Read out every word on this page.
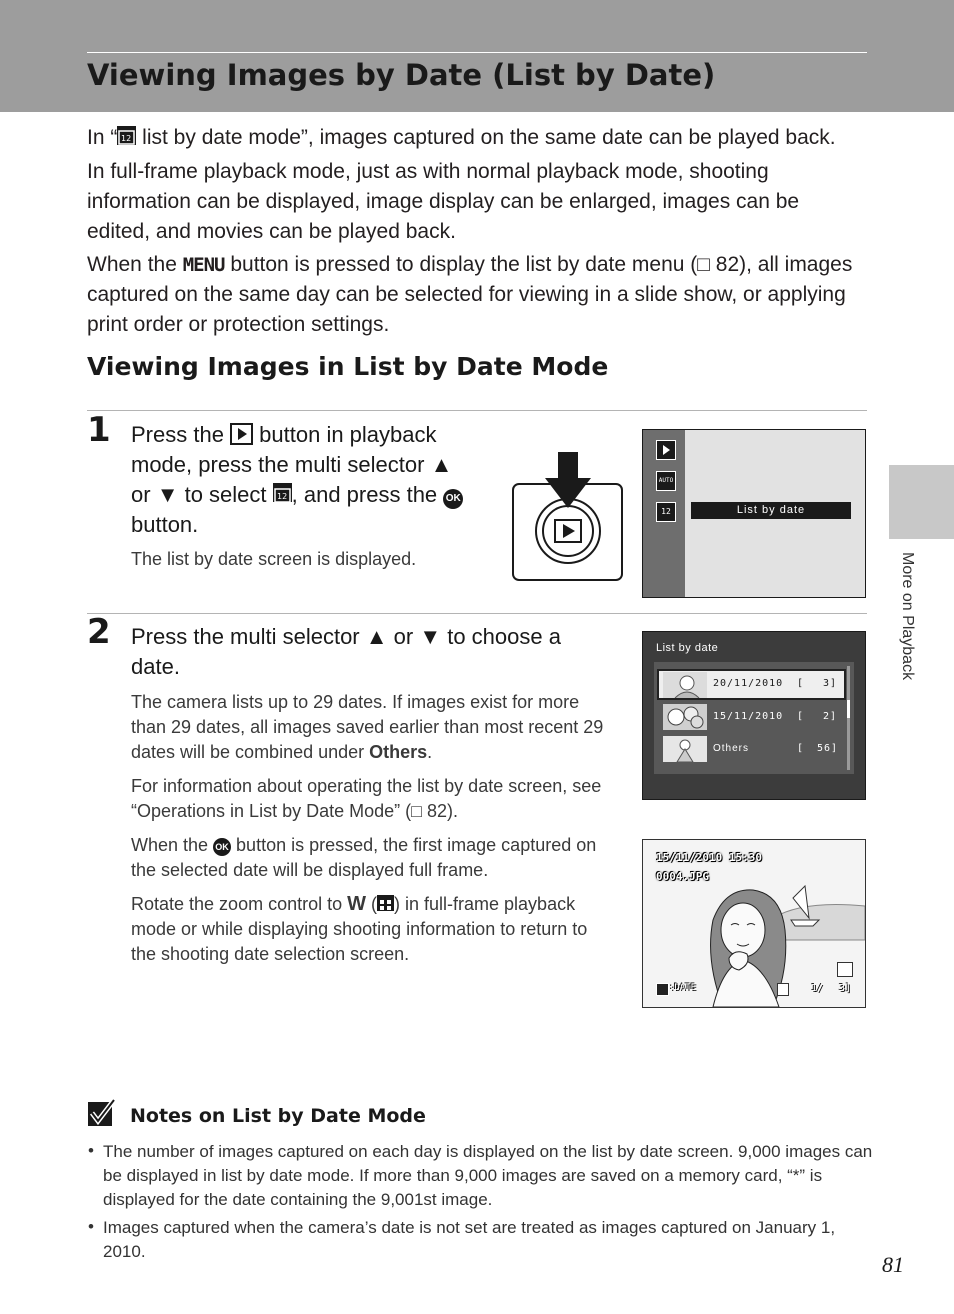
Viewing Images by Date (List by Date)
In “ 12 list by date mode”, images captured on the same date can be played back.
In full-frame playback mode, just as with normal playback mode, shooting information can be displayed, image display can be enlarged, images can be edited, and movies can be played back.
When the MENU button is pressed to display the list by date menu (□ 82), all images captured on the same day can be selected for viewing in a slide show, or applying print order or protection settings.
Viewing Images in List by Date Mode
1 Press the
button in playback mode, press the multi selector ▲
or ▼ to select 12 , and press the OK
button.
The list by date screen is displayed.
AUTO
12	List by date
2 Press the multi selector ▲ or ▼ to choose a date.
The camera lists up to 29 dates. If images exist for more than 29 dates, all images saved earlier than most recent 29 dates will be combined under Others.
For information about operating the list by date screen, see “Operations in List by Date Mode” (□ 82).
When the OK button is pressed, the first image captured on the selected date will be displayed full frame.
Rotate the zoom control to W ( ) in full-frame playback mode or while displaying shooting information to return to the shooting date selection screen.
List by date
20/11/2010 [ 3]
15/11/2010 [ 2]
Others	[ 56]
15/11/2010 15:30
0004.JPG
:DATE	1/ 3]
More on Playback
Notes on List by Date Mode
• The number of images captured on each day is displayed on the list by date screen. 9,000 images can be displayed in list by date mode. If more than 9,000 images are saved on a memory card, “*” is displayed for the date containing the 9,001st image.
• Images captured when the camera’s date is not set are treated as images captured on January 1, 2010.
81
